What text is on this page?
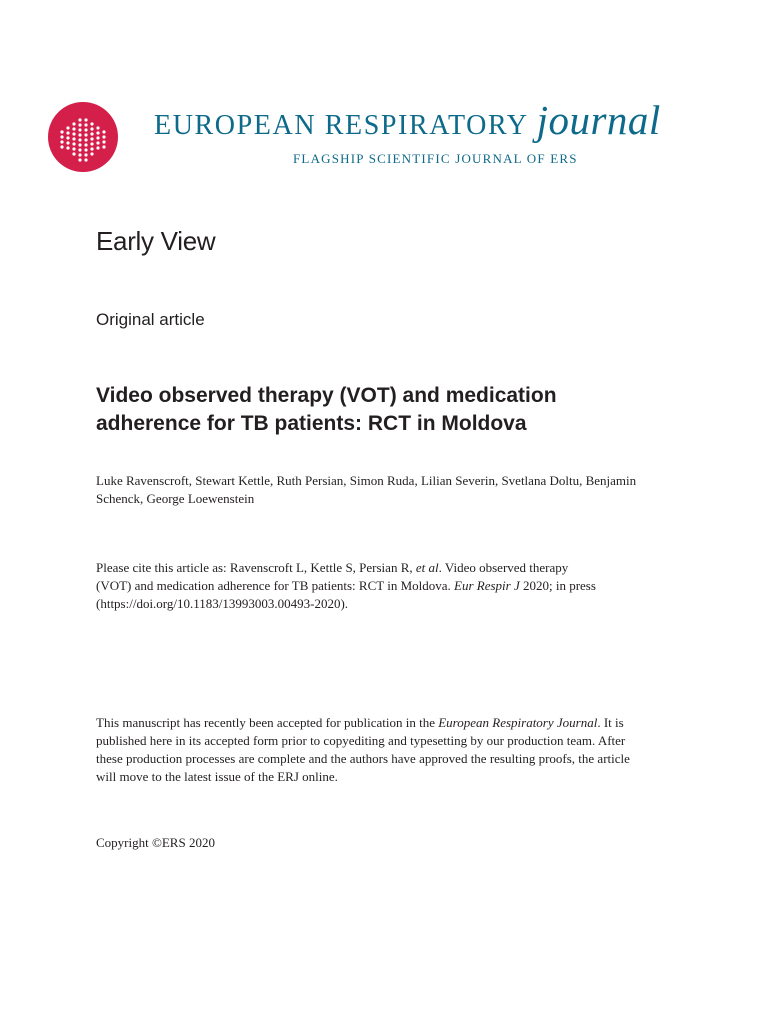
EUROPEAN RESPIRATORY journal
FLAGSHIP SCIENTIFIC JOURNAL OF ERS
Early View
Original article
Video observed therapy (VOT) and medication
adherence for TB patients: RCT in Moldova
Luke Ravenscroft, Stewart Kettle, Ruth Persian, Simon Ruda, Lilian Severin, Svetlana Doltu, Benjamin
Schenck, George Loewenstein
Please cite this article as: Ravenscroft L, Kettle S, Persian R, et al. Video observed therapy
(VOT) and medication adherence for TB patients: RCT in Moldova. Eur Respir J 2020; in press
(https://doi.org/10.1183/13993003.00493-2020).
This manuscript has recently been accepted for publication in the European Respiratory Journal. It is
published here in its accepted form prior to copyediting and typesetting by our production team. After
these production processes are complete and the authors have approved the resulting proofs, the article
will move to the latest issue of the ERJ online.
Copyright ©ERS 2020
